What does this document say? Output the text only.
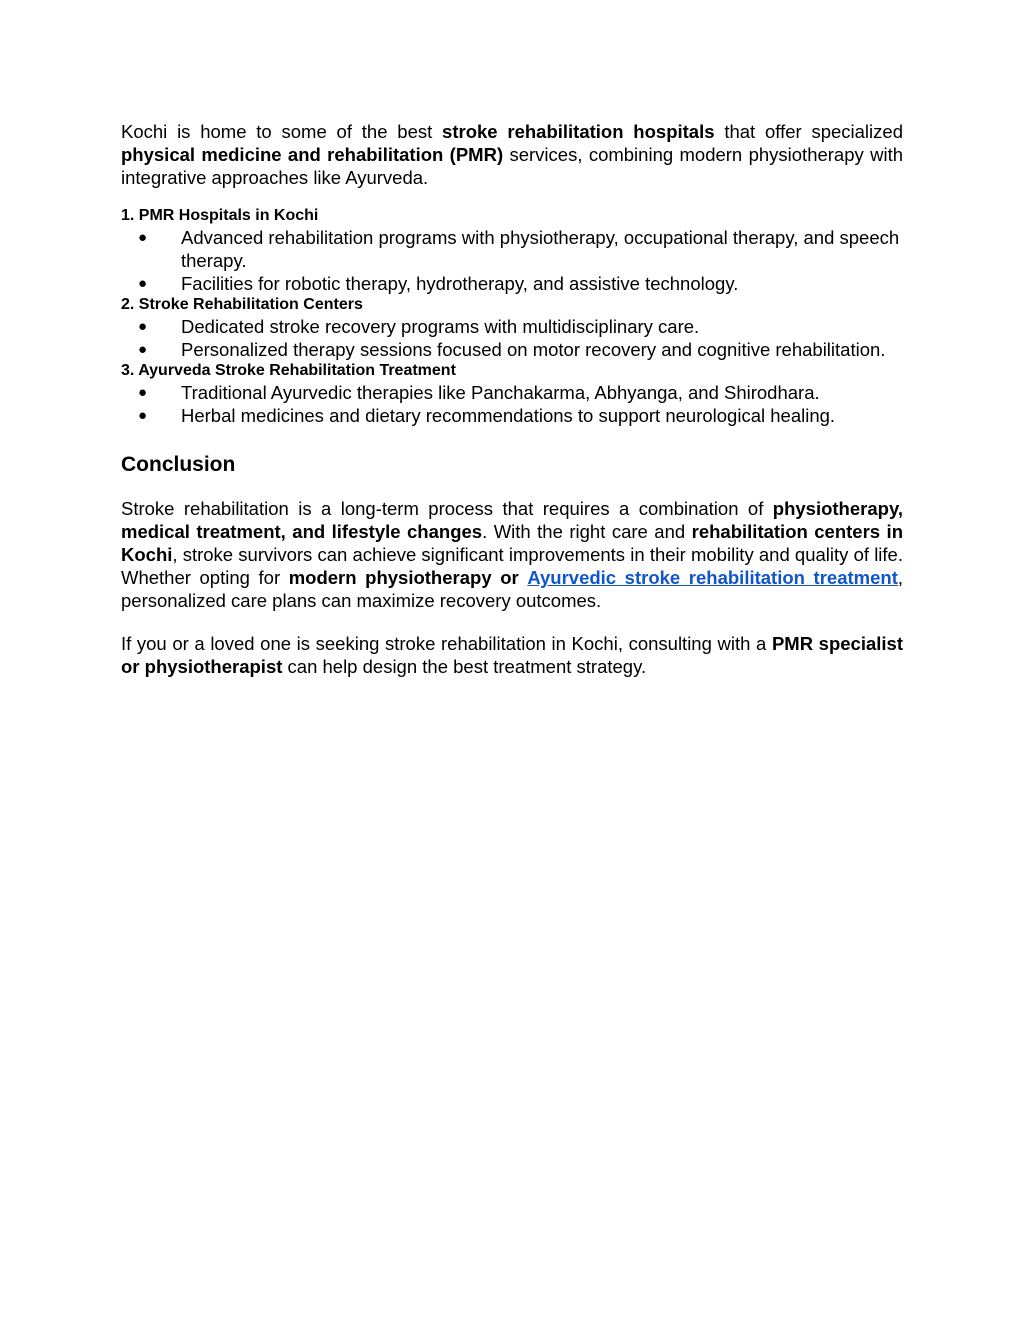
Kochi is home to some of the best stroke rehabilitation hospitals that offer specialized physical medicine and rehabilitation (PMR) services, combining modern physiotherapy with integrative approaches like Ayurveda.

1. PMR Hospitals in Kochi
● Advanced rehabilitation programs with physiotherapy, occupational therapy, and speech therapy.
● Facilities for robotic therapy, hydrotherapy, and assistive technology.
2. Stroke Rehabilitation Centers
● Dedicated stroke recovery programs with multidisciplinary care.
● Personalized therapy sessions focused on motor recovery and cognitive rehabilitation.
3. Ayurveda Stroke Rehabilitation Treatment
● Traditional Ayurvedic therapies like Panchakarma, Abhyanga, and Shirodhara.
● Herbal medicines and dietary recommendations to support neurological healing.
Conclusion

Stroke rehabilitation is a long-term process that requires a combination of physiotherapy, medical treatment, and lifestyle changes. With the right care and rehabilitation centers in Kochi, stroke survivors can achieve significant improvements in their mobility and quality of life. Whether opting for modern physiotherapy or Ayurvedic stroke rehabilitation treatment, personalized care plans can maximize recovery outcomes.

If you or a loved one is seeking stroke rehabilitation in Kochi, consulting with a PMR specialist or physiotherapist can help design the best treatment strategy.
